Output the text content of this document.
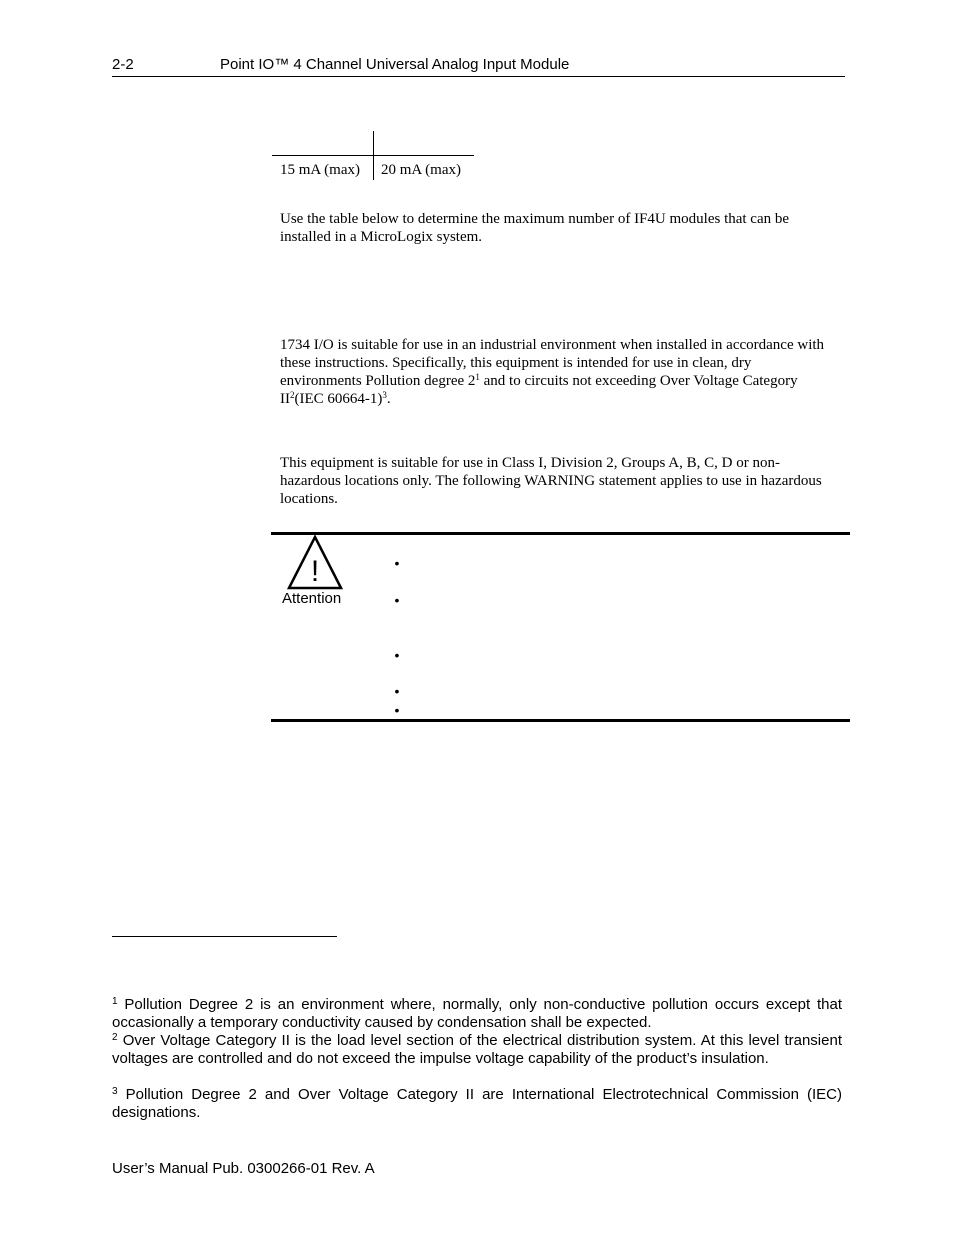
2-2	Point IO™ 4 Channel Universal Analog Input Module
15 mA (max) 20 mA (max)
Use the table below to determine the maximum number of IF4U modules that can be installed in a MicroLogix system.
1734 I/O is suitable for use in an industrial environment when installed in accordance with these instructions. Specifically, this equipment is intended for use in clean, dry environments Pollution degree $2^1$ and to circuits not exceeding Over Voltage Category $II^2(IEC$ 60664-1)$^3$.
This equipment is suitable for use in Class I, Division 2, Groups A, B, C, D or non-hazardous locations only. The following WARNING statement applies to use in hazardous locations.
!
Attention
•
•
•
•
•
$^1$ Pollution Degree 2 is an environment where, normally, only non-conductive pollution occurs except that occasionally a temporary conductivity caused by condensation shall be expected.
$^2$ Over Voltage Category II is the load level section of the electrical distribution system. At this level transient voltages are controlled and do not exceed the impulse voltage capability of the product’s insulation.
$^3$ Pollution Degree 2 and Over Voltage Category II are International Electrotechnical Commission (IEC) designations.
User’s Manual Pub. 0300266-01 Rev. A
